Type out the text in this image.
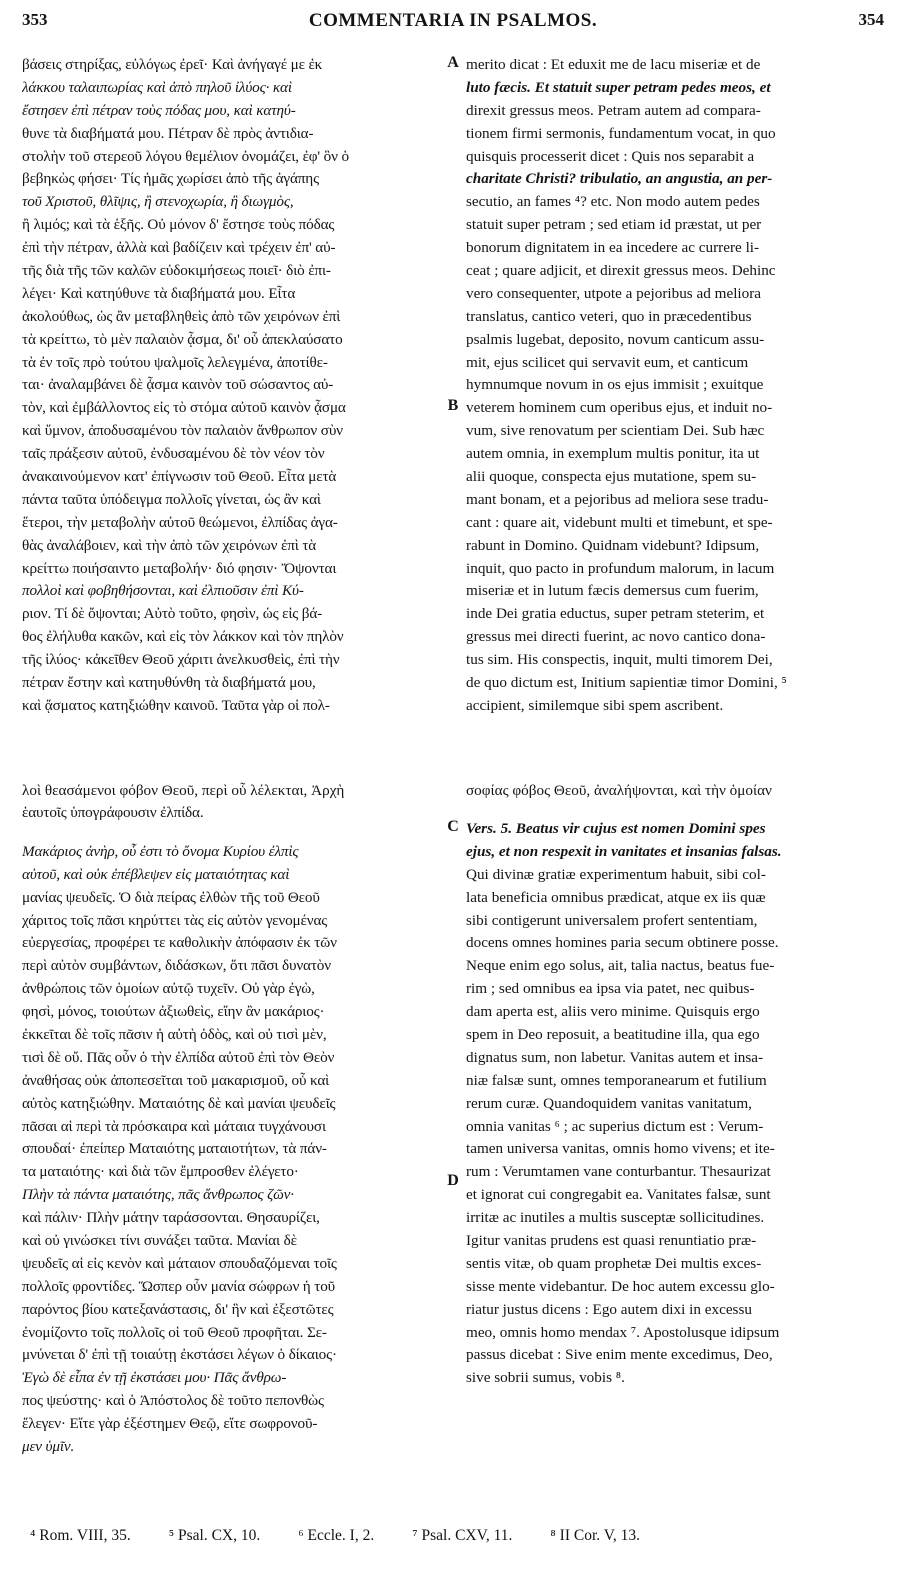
353	COMMENTARIA IN PSALMOS.	354
βάσεις στηρίξας, εὐλόγως ἐρεῖ· Καὶ ἀνήγαγέ με ἐκ
λάκκου ταλαιπωρίας καὶ ἀπὸ πηλοῦ ἰλύος· καὶ
ἔστησεν ἐπὶ πέτραν τοὺς πόδας μου, καὶ κατηύ-
θυνε τὰ διαβήματά μου. Πέτραν δὲ πρὸς ἀντιδια-
στολὴν τοῦ στερεοῦ λόγου θεμέλιον ὀνομάζει, ἐφ' ὃν ὁ
βεβηκὼς φήσει· Τίς ἡμᾶς χωρίσει ἀπὸ τῆς ἀγάπης
τοῦ Χριστοῦ, θλῖψις, ἢ στενοχωρία, ἢ διωγμὸς,
ἢ λιμός; καὶ τὰ ἑξῆς. Οὐ μόνον δ' ἔστησε τοὺς πόδας
ἐπὶ τὴν πέτραν, ἀλλὰ καὶ βαδίζειν καὶ τρέχειν ἐπ' αὐ-
τῆς διὰ τῆς τῶν καλῶν εὐδοκιμήσεως ποιεῖ· διὸ ἐπι-
λέγει· Καὶ κατηύθυνε τὰ διαβήματά μου. Εἶτα
ἀκολούθως, ὡς ἂν μεταβληθεὶς ἀπὸ τῶν χειρόνων ἐπὶ
τὰ κρείττω, τὸ μὲν παλαιὸν ᾆσμα, δι' οὗ ἀπεκλαύσατο
τὰ ἐν τοῖς πρὸ τούτου ψαλμοῖς λελεγμένα, ἀποτίθε-
ται· ἀναλαμβάνει δὲ ᾆσμα καινὸν τοῦ σώσαντος αὐ-
τὸν, καὶ ἐμβάλλοντος εἰς τὸ στόμα αὐτοῦ καινὸν ᾆσμα
καὶ ὕμνον, ἀποδυσαμένου τὸν παλαιὸν ἄνθρωπον σὺν
ταῖς πράξεσιν αὐτοῦ, ἐνδυσαμένου δὲ τὸν νέον τὸν
ἀνακαινούμενον κατ' ἐπίγνωσιν τοῦ Θεοῦ. Εἶτα μετὰ
πάντα ταῦτα ὑπόδειγμα πολλοῖς γίνεται, ὡς ἂν καὶ
ἕτεροι, τὴν μεταβολὴν αὐτοῦ θεώμενοι, ἐλπίδας ἀγα-
θὰς ἀναλάβοιεν, καὶ τὴν ἀπὸ τῶν χειρόνων ἐπὶ τὰ
κρείττω ποιήσαιντο μεταβολήν· διό φησιν· Ὄψονται
πολλοὶ καὶ φοβηθήσονται, καὶ ἐλπιοῦσιν ἐπὶ Κύ-
ριον. Τί δὲ ὄψονται; Αὐτὸ τοῦτο, φησὶν, ὡς εἰς βά-
θος ἐλήλυθα κακῶν, καὶ εἰς τὸν λάκκον καὶ τὸν πηλὸν
τῆς ἰλύος· κἀκεῖθεν Θεοῦ χάριτι ἀνελκυσθεὶς, ἐπὶ τὴν
πέτραν ἔστην καὶ κατηυθύνθη τὰ διαβήματά μου,
καὶ ᾄσματος κατηξιώθην καινοῦ. Ταῦτα γὰρ οἱ πολ-
merito dicat : Et eduxit me de lacu miseriæ et de
luto fæcis. Et statuit super petram pedes meos, et
direxit gressus meos. Petram autem ad compara-
tionem firmi sermonis, fundamentum vocat, in quo
quisquis processerit dicet : Quis nos separabit a
charitate Christi? tribulatio, an angustia, an per-
secutio, an fames ⁴? etc. Non modo autem pedes
statuit super petram ; sed etiam id præstat, ut per
bonorum dignitatem in ea incedere ac currere li-
ceat ; quare adjicit, et direxit gressus meos. Dehinc
vero consequenter, utpote a pejoribus ad meliora
translatus, cantico veteri, quo in præcedentibus
psalmis lugebat, deposito, novum canticum assu-
mit, ejus scilicet qui servavit eum, et canticum
hymnumque novum in os ejus immisit ; exuitque
veterem hominem cum operibus ejus, et induit no-
vum, sive renovatum per scientiam Dei. Sub hæc
autem omnia, in exemplum multis ponitur, ita ut
alii quoque, conspecta ejus mutatione, spem su-
mant bonam, et a pejoribus ad meliora sese tradu-
cant : quare ait, videbunt multi et timebunt, et spe-
rabunt in Domino. Quidnam videbunt? Idipsum,
inquit, quo pacto in profundum malorum, in lacum
miseriæ et in lutum fæcis demersus cum fuerim,
inde Dei gratia eductus, super petram steterim, et
gressus mei directi fuerint, ac novo cantico dona-
tus sim. His conspectis, inquit, multi timorem Dei,
de quo dictum est, Initium sapientiæ timor Domini, ⁵
accipient, similemque sibi spem ascribent.
λοὶ θεασάμενοι φόβον Θεοῦ, περὶ οὗ λέλεκται, Ἀρχὴ	σοφίας φόβος Θεοῦ, ἀναλήψονται, καὶ τὴν ὁμοίαν
ἑαυτοῖς ὑπογράφουσιν ἐλπίδα.
Μακάριος ἀνὴρ, οὗ ἐστι τὸ ὄνομα Κυρίου ἐλπὶς
αὐτοῦ, καὶ οὐκ ἐπέβλεψεν εἰς ματαιότητας καὶ
μανίας ψευδεῖς. Ὁ διὰ πείρας ἐλθὼν τῆς τοῦ Θεοῦ
χάριτος τοῖς πᾶσι κηρύττει τὰς εἰς αὐτὸν γενομένας
εὐεργεσίας, προφέρει τε καθολικὴν ἀπόφασιν ἐκ τῶν
περὶ αὐτὸν συμβάντων, διδάσκων, ὅτι πᾶσι δυνατὸν
ἀνθρώποις τῶν ὁμοίων αὐτῷ τυχεῖν. Οὐ γὰρ ἐγὼ,
φησὶ, μόνος, τοιούτων ἀξιωθεὶς, εἴην ἂν μακάριος·
ἐκκεῖται δὲ τοῖς πᾶσιν ἡ αὐτὴ ὁδὸς, καὶ οὐ τισὶ μὲν,
τισὶ δὲ οὔ. Πᾶς οὖν ὁ τὴν ἐλπίδα αὐτοῦ ἐπὶ τὸν Θεὸν
ἀναθήσας οὐκ ἀποπεσεῖται τοῦ μακαρισμοῦ, οὗ καὶ
αὐτὸς κατηξιώθην. Ματαιότης δὲ καὶ μανίαι ψευδεῖς
πᾶσαι αἱ περὶ τὰ πρόσκαιρα καὶ μάταια τυγχάνουσι
σπουδαί· ἐπείπερ Ματαιότης ματαιοτήτων, τὰ πάν-
τα ματαιότης· καὶ διὰ τῶν ἔμπροσθεν ἐλέγετο·
Πλὴν τὰ πάντα ματαιότης, πᾶς ἄνθρωπος ζῶν·
καὶ πάλιν· Πλὴν μάτην ταράσσονται. Θησαυρίζει,
καὶ οὐ γινώσκει τίνι συνάξει ταῦτα. Μανίαι δὲ
ψευδεῖς αἱ εἰς κενὸν καὶ μάταιον σπουδαζόμεναι τοῖς
πολλοῖς φροντίδες. Ὥσπερ οὖν μανία σώφρων ἡ τοῦ
παρόντος βίου κατεξανάστασις, δι' ἣν καὶ ἐξεστῶτες
ἐνομίζοντο τοῖς πολλοῖς οἱ τοῦ Θεοῦ προφῆται. Σε-
μνύνεται δ' ἐπὶ τῇ τοιαύτῃ ἐκστάσει λέγων ὁ δίκαιος·
Ἐγὼ δὲ εἶπα ἐν τῇ ἐκστάσει μου· Πᾶς ἄνθρω-
πος ψεύστης· καὶ ὁ Ἀπόστολος δὲ τοῦτο πεπονθὼς
ἔλεγεν· Εἴτε γὰρ ἐξέστημεν Θεῷ, εἴτε σωφρονοῦ-
μεν ὑμῖν.
Vers. 5. Beatus vir cujus est nomen Domini spes
ejus, et non respexit in vanitates et insanias falsas.
Qui divinæ gratiæ experimentum habuit, sibi col-
lata beneficia omnibus prædicat, atque ex iis quæ
sibi contigerunt universalem profert sententiam,
docens omnes homines paria secum obtinere posse.
Neque enim ego solus, ait, talia nactus, beatus fue-
rim ; sed omnibus ea ipsa via patet, nec quibus-
dam aperta est, aliis vero minime. Quisquis ergo
spem in Deo reposuit, a beatitudine illa, qua ego
dignatus sum, non labetur. Vanitas autem et insa-
niæ falsæ sunt, omnes temporanearum et futilium
rerum curæ. Quandoquidem vanitas vanitatum,
omnia vanitas ⁶ ; ac superius dictum est : Verum-
tamen universa vanitas, omnis homo vivens; et ite-
rum : Verumtamen vane conturbantur. Thesaurizat
et ignorat cui congregabit ea. Vanitates falsæ, sunt
irritæ ac inutiles a multis susceptæ sollicitudines.
Igitur vanitas prudens est quasi renuntiatio præ-
sentis vitæ, ob quam prophetæ Dei multis exces-
sisse mente videbantur. De hoc autem excessu glo-
riatur justus dicens : Ego autem dixi in excessu
meo, omnis homo mendax ⁷. Apostolusque idipsum
passus dicebat : Sive enim mente excedimus, Deo,
sive sobrii sumus, vobis ⁸.
A
B
C
D
⁴ Rom. VIII, 35. ⁵ Psal. CX, 10. ⁶ Eccle. I, 2. ⁷ Psal. CXV, 11. ⁸ II Cor. V, 13.
